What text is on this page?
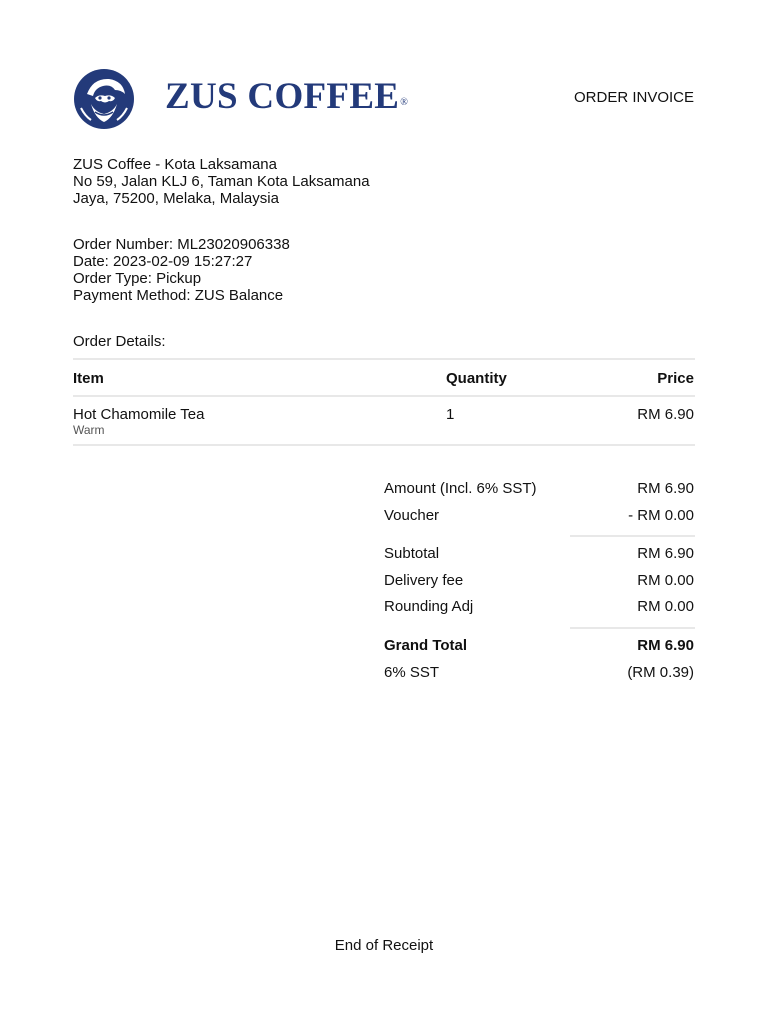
ZUS COFFEE®	ORDER INVOICE
ZUS Coffee - Kota Laksamana
No 59, Jalan KLJ 6, Taman Kota Laksamana
Jaya, 75200, Melaka, Malaysia
Order Number: ML23020906338
Date: 2023-02-09 15:27:27
Order Type: Pickup
Payment Method: ZUS Balance
Order Details:
Item	Quantity	Price
Hot Chamomile Tea
Warm
1	RM 6.90
Amount (Incl. 6% SST)	RM 6.90
Voucher	- RM 0.00
Subtotal	RM 6.90
Delivery fee	RM 0.00
Rounding Adj	RM 0.00
Grand Total	RM 6.90
6% SST	(RM 0.39)
End of Receipt
